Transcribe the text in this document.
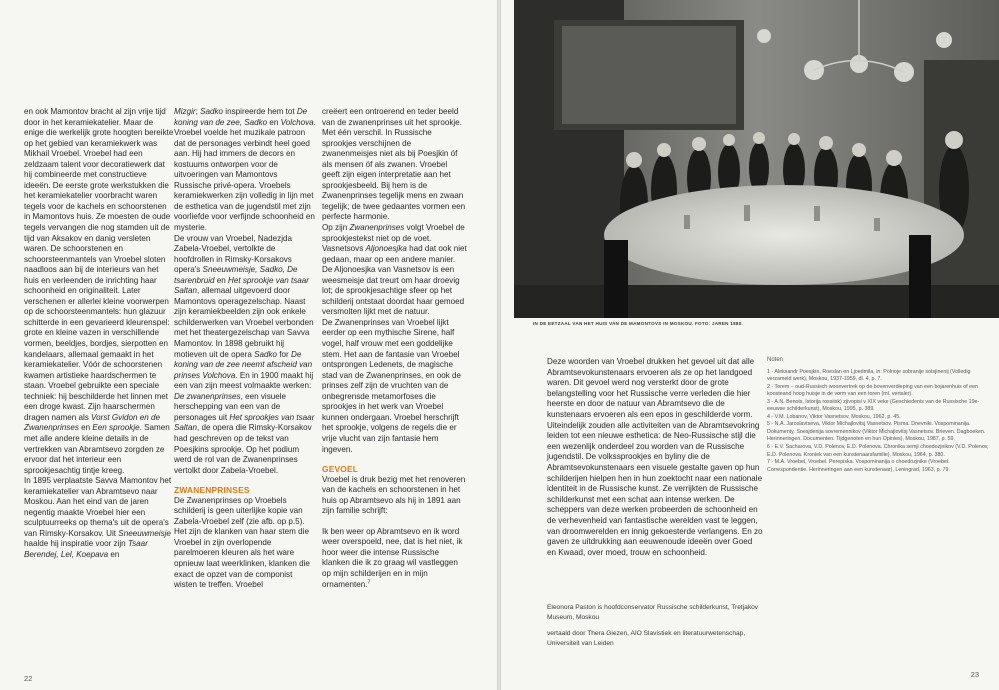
en ook Mamontov bracht al zijn vrije tijd door in het keramiekatelier. Maar de enige die werkelijk grote hoogten bereikte op het gebied van keramiekwerk was Mikhail Vroebel. Vroebel had een zeldzaam talent voor decoratiewerk dat hij combineerde met constructieve ideeën. De eerste grote werkstukken die het keramiekatelier voorbracht waren tegels voor de kachels en schoorstenen in Mamontovs huis. Ze moesten de oude tegels vervangen die nog stamden uit de tijd van Aksakov en danig versleten waren. De schoorstenen en schoorsteenmantels van Vroebel sloten naadloos aan bij de interieurs van het huis en verleenden de inrichting haar schoonheid en originaliteit. Later verschenen er allerlei kleine voorwerpen op de schoorsteenmantels: hun glazuur schitterde in een gevarieerd kleurenspel: grote en kleine vazen in verschillende vormen, beeldjes, bordjes, sierpotten en kandelaars, allemaal gemaakt in het keramiekatelier. Vóór de schoorstenen kwamen artistieke haardschermen te staan. Vroebel gebruikte een speciale techniek: hij beschilderde het linnen met een droge kwast. Zijn haarschermen dragen namen als Vorst Gvidon en de Zwanenprinses en Een sprookje. Samen met alle andere kleine details in de vertrekken van Abramtsevo zorgden ze ervoor dat het interieur een sprookjesachtig tintje kreeg.

In 1895 verplaatste Savva Mamontov het keramiekatelier van Abramtsevo naar Moskou. Aan het eind van de jaren negentig maakte Vroebel hier een sculptuurreeks op thema's uit de opera's van Rimsky-Korsakov. Uit Sneeuwmeisje haalde hij inspiratie voor zijn Tsaar Berendej, Lel, Koepava en

Mizgir; Sadko inspireerde hem tot De koning van de zee, Sadko en Volchova. Vroebel voelde het muzikale patroon dat de personages verbindt heel goed aan. Hij had immers de decors en kostuums ontworpen voor de uitvoeringen van Mamontovs Russische privé-opera. Vroebels keramiekwerken zijn volledig in lijn met de esthetica van de jugendstil met zijn voorliefde voor verfijnde schoonheid en mysterie.

De vrouw van Vroebel, Nadezjda Zabela-Vroebel, vertolkte de hoofdrollen in Rimsky-Korsakovs opera's Sneeuwmeisje, Sadko, De tsarenbruid en Het sprookje van tsaar Saltan, allemaal uitgevoerd door Mamontovs operagezelschap. Naast zijn keramiekbeelden zijn ook enkele schilderwerken van Vroebel verbonden met het theatergezelschap van Savva Mamontov. In 1898 gebruikt hij motieven uit de opera Sadko for De koning van de zee neemt afscheid van prinses Volchova. En in 1900 maakt hij een van zijn meest volmaakte werken: De zwanenprinses, een visuele herschepping van een van de personages uit Het sprookjes van tsaar Saltan, de opera die Rimsky-Korsakov had geschreven op de tekst van Poesjkins sprookje. Op het podium werd de rol van de Zwanenprinses vertolkt door Zabela-Vroebel.

ZWANENPRINSES

De Zwanenprinses op Vroebels schilderij is geen uiterlijke kopie van Zabela-Vroebel zelf (zie afb. op p.5). Het zijn de klanken van haar stem die Vroebel in zijn overlopende parelmoeren kleuren als het ware opnieuw laat weerklinken, klanken die exact de opzet van de componist wisten te treffen. Vroebel

creëert een ontroerend en teder beeld van de zwanenprinses uit het sprookje. Met één verschil. In Russische sprookjes verschijnen de zwanenmeisjes niet als bij Poesjkin óf als mensen óf als zwanen. Vroebel geeft zijn eigen interpretatie aan het sprookjesbeeld. Bij hem is de Zwanenprinses tegelijk mens en zwaan tegelijk; de twee gedaantes vormen een perfecte harmonie.

Op zijn Zwanenprinses volgt Vroebel de sprookjestekst niet op de voet. Vasnetsovs Aljonoesjka had dat ook niet gedaan, maar op een andere manier. De Aljonoesjka van Vasnetsov is een weesmeisje dat treurt om haar droevig lot; de sprookjesachtige sfeer op het schilderij ontstaat doordat haar gemoed versmolten lijkt met de natuur.

De Zwanenprinses van Vroebel lijkt eerder op een mythische Sirene, half vogel, half vrouw met een goddelijke stem. Het aan de fantasie van Vroebel ontsprongen Ledenets, de magische stad van de Zwanenprinses, en ook de prinses zelf zijn de vruchten van de onbegrensde metamorfoses die sprookjes in het werk van Vroebel kunnen ondergaan. Vroebel herschrijft het sprookje, volgens de regels die er vrije vlucht van zijn fantasie hem ingeven.

GEVOEL

Vroebel is druk bezig met het renoveren van de kachels en schoorstenen in het huis op Abramtsevo als hij in 1891 aan zijn familie schrijft:

Ik ben weer op Abramtsevo en ik word weer overspoeld, nee, dat is het niet, ik hoor weer die intense Russische klanken die ik zo graag wil vastleggen op mijn schilderijen en in mijn ornamenten.$^7$

22
IN DE EETZAAL VAN HET HUIS VAN DE MAMONTOVS IN MOSKOU. FOTO: JAREN 1880.

Deze woorden van Vroebel drukken het gevoel uit dat alle Abramtsevokunstenaars ervoeren als ze op het landgoed waren. Dit gevoel werd nog versterkt door de grote belangstelling voor het Russische verre verleden die hier heerste en door de natuur van Abramtsevo die de kunstenaars ervoeren als een epos in geschilderde vorm.

Uiteindelijk zouden alle activiteiten van de Abramtsevokring leiden tot een nieuwe esthetica: de Neo-Russische stijl die een wezenlijk onderdeel zou worden van de Russische jugendstil. De volkssprookjes en byliny die de Abramtsevokunstenaars een visuele gestalte gaven op hun schilderijen hielpen hen in hun zoektocht naar een nationale identiteit in de Russische kunst. Ze verrijkten de Russische schilderkunst met een schat aan intense werken. De scheppers van deze werken probeerden de schoonheid en de verhevenheid van fantastische werelden vast te leggen, van droomwerelden en innig gekoesterde verlangens. En zo gaven ze uitdrukking aan eeuwenoude ideeën over Goed en Kwaad, over moed, trouw en schoonheid.

Eleonora Paston is hoofdconservator Russische schilderkunst, Tretjakov Museum, Moskou

vertaald door Thera Giezen, AIO Slavistiek en literatuurwetenschap, Universiteit van Leiden

Noten

1 - Aleksandr Poesjkin, Roeslan en Ljoedmila, in: Polnoje sobranije sotsjinenij (Volledig verzameld werk), Moskou, 1937-1959, dl. 4, p. 7.

2 - Terem – oud-Russisch woonvertrek op de bovenverdieping van een bojarenhuis of een koosteand hoog huisje in de vorm van een toren (ml. vertaler).

3 - A.N. Benois, Istorija rossiisk) zjivopisi v XIX veke (Geschiedenis van de Russische 19e-eeuwse schilderkunst), Moskou, 1995, p. 389.

4 - V.M. Lobanov, Viktor Vasnetsov, Moskou, 1962, p. 45.

5 - N.A. Jaroslavtseva, Viktor Michajlovitsj Vasnetsov. Pisma. Dnevniki. Vospominanija. Dokumenty. Soesjdenija sovremennikov (Viktor Michajlovitsj Vasnetsov. Brieven. Dagboeken. Herinneringen. Documenten. Tijdgenoten en hun Opinies), Moskou, 1987, p. 59.

6 - E.V. Sacharova, V.D. Polenov, E.D. Polenova. Chronika semji choedozjnikov (V.D. Polenov, E.D. Polenova. Kroniek van een kunstenaarsfamilie), Moskou, 1964, p. 380.

7 - M.A. Vroebel, Vroebel. Perepiska. Vospominanija o choedozjnike (Vroebel. Correspondentie. Herinneringen aan een kunstenaar), Leningrad, 1963, p. 79.

23
